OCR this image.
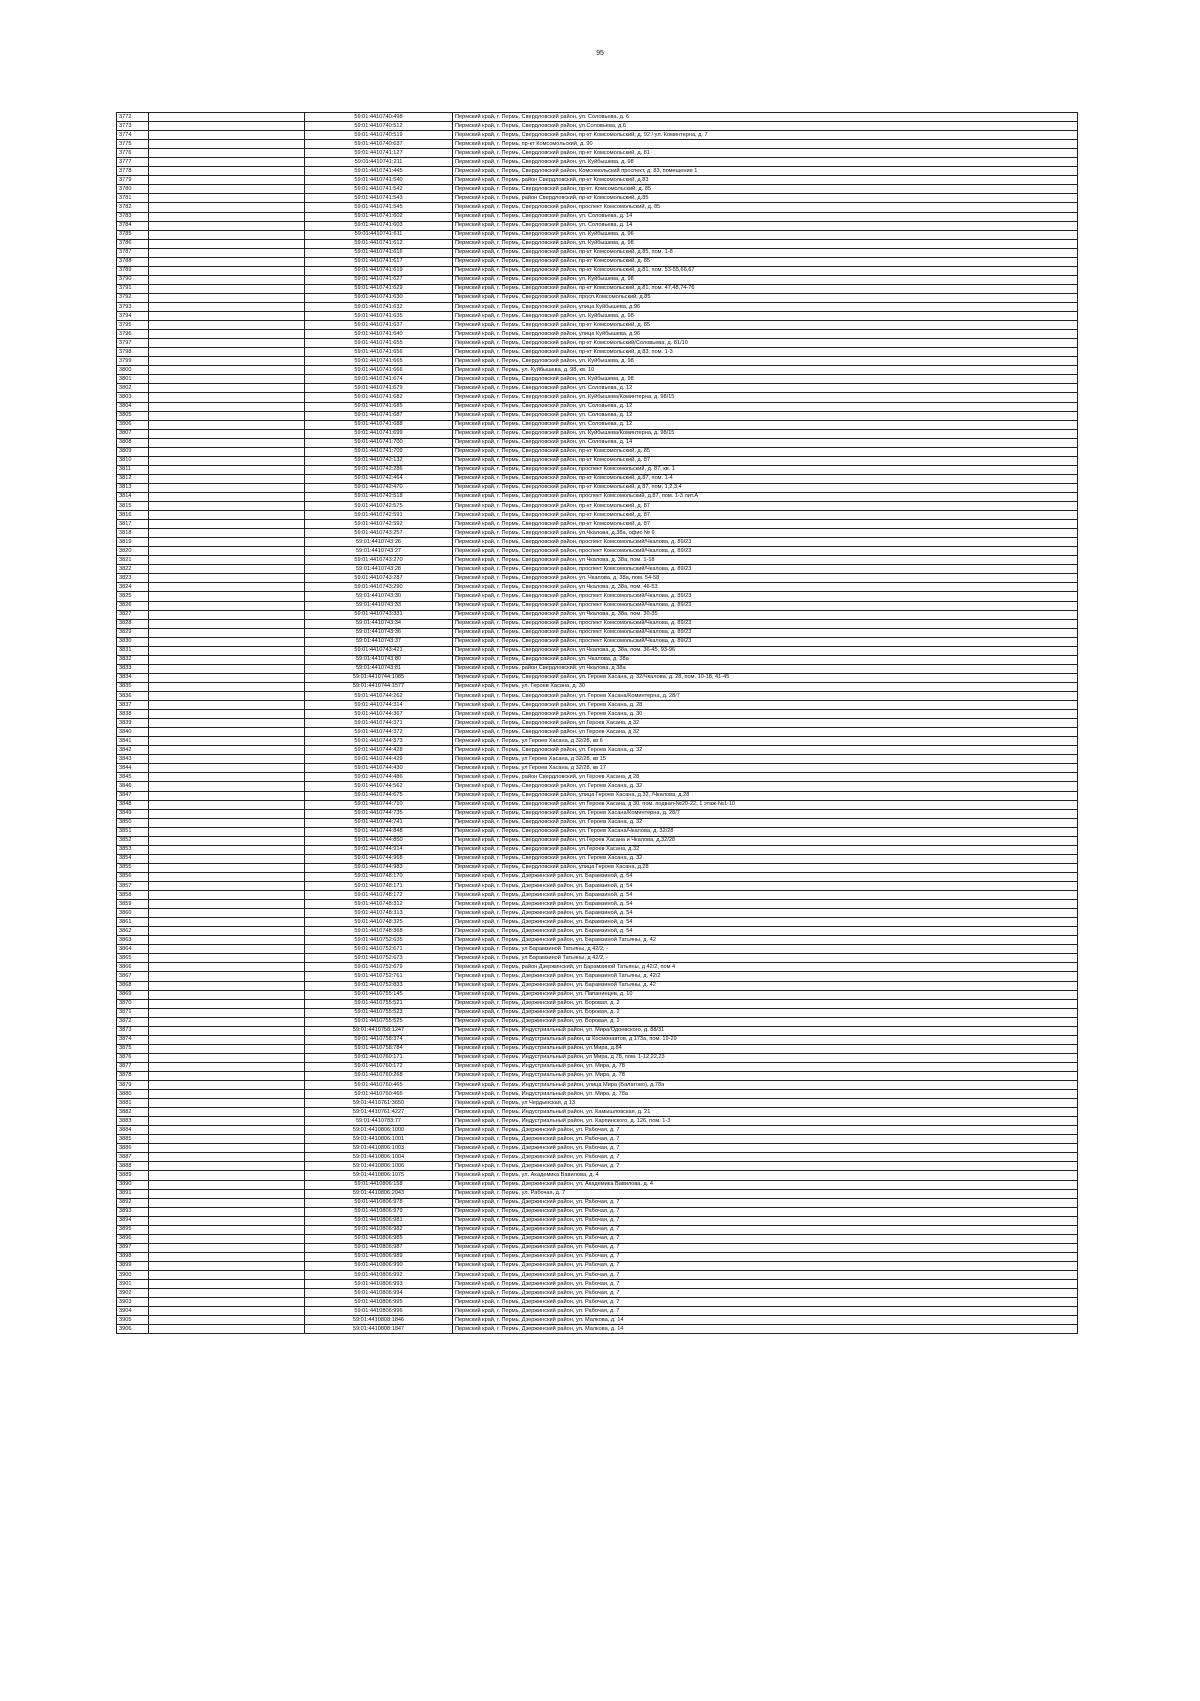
95
3772		59:01:4410740:498	Пермский край, г. Пермь, Свердловский район, ул. Соловьева, д. 6
3773		59:01:4410740:512	Пермский край, г. Пермь, Свердловский район, ул.Соловьева, д.6
3774		59:01:4410740:519	Пермский край, г. Пермь, Свердловский район, пр-кт Комсомольский, д. 92 / ул. Коминтерна, д. 7
3775		59:01:4410740:637	Пермский край, г. Пермь, пр-кт Комсомольский, д. 90
3776		59:01:4410741:127	Пермский край, г. Пермь, Свердловский район, пр-кт Комсомольский, д. 81
3777		59:01:4410741:211	Пермский край, г. Пермь, Свердловский район, ул. Куйбышева, д. 98
3778		59:01:4410741:445	Пермский край, г. Пермь, Свердловский район, Комсомольский проспект, д. 83, помещение 1
3779		59:01:4410741:540	Пермский край, г. Пермь, район Свердловский, пр-кт Комсомольский, д.83
3780		59:01:4410741:542	Пермский край, г. Пермь, Свердловский район, пр-кт. Комсомольский, д. 85
3781		59:01:4410741:543	Пермский край, г. Пермь, район Свердловский, пр-кт Комсомольский, д.85
3782		59:01:4410741:545	Пермский край, г. Пермь, Свердловский район, проспект Комсомольский, д. 85
3783		59:01:4410741:602	Пермский край, г. Пермь, Свердловский район, ул. Соловьева, д. 14
3784		59:01:4410741:603	Пермский край, г. Пермь, Свердловский район, ул. Соловьева, д. 14
3785		59:01:4410741:611	Пермский край, г. Пермь, Свердловский район, ул. Куйбышева, д. 96
3786		59:01:4410741:612	Пермский край, г. Пермь, Свердловский район, ул. Куйбышева, д. 98
3787		59:01:4410741:616	Пермский край, г. Пермь, Свердловский район, пр-кт Комсомольский, д.85, пом. 1-8
3788		59:01:4410741:617	Пермский край, г. Пермь, Свердловский район, пр-кт Комсомольский, д. 85
3789		59:01:4410741:619	Пермский край, г. Пермь, Свердловский район, пр-кт Комсомольский, д.81, пом. 53-55,66,67
3790		59:01:4410741:627	Пермский край, г. Пермь, Свердловский район, ул. Куйбышева, д. 98
3791		59:01:4410741:629	Пермский край, г. Пермь, Свердловский район, пр-кт Комсомольский, д.81, пом. 47,48,74-76
3792		59:01:4410741:630	Пермский край, г. Пермь, Свердловский район, просп.Комсомольский, д.85
3793		59:01:4410741:632	Пермский край, г. Пермь, Свердловский район, улица Куйбышева, д.96
3794		59:01:4410741:635	Пермский край, г. Пермь, Свердловский район, ул. Куйбышева, д. 98
3795		59:01:4410741:637	Пермский край, г. Пермь, Свердловский район, пр-кт Комсомольский, д. 85
3796		59:01:4410741:640	Пермский край, г. Пермь, Свердловский район, улица Куйбышева, д.96
3797		59:01:4410741:655	Пермский край, г. Пермь, Свердловский район, пр-кт Комсомольский/Соловьева, д. 81/10
3798		59:01:4410741:656	Пермский край, г. Пермь, Свердловский район, пр-кт Комсомольский, д 83, пом. 1-3
3799		59:01:4410741:665	Пермский край, г. Пермь, Свердловский район, ул. Куйбышева, д. 98
3800		59:01:4410741:666	Пермский край, г. Пермь, ул. Куйбышева, д. 98, кв. 10
3801		59:01:4410741:674	Пермский край, г. Пермь, Свердловский район, ул. Куйбышева, д. 98
3802		59:01:4410741:679	Пермский край, г. Пермь, Свердловский район, ул. Соловьева, д. 12
3803		59:01:4410741:682	Пермский край, г. Пермь, Свердловский район, ул. Куйбышева/Коминтерна, д. 98/15
3804		59:01:4410741:685	Пермский край, г. Пермь, Свердловский район, ул. Соловьева, д. 12
3805		59:01:4410741:687	Пермский край, г. Пермь, Свердловский район, ул. Соловьева, д. 12
3806		59:01:4410741:688	Пермский край, г. Пермь, Свердловский район, ул. Соловьева, д. 12
3807		59:01:4410741:699	Пермский край, г. Пермь, Свердловский район, ул. Куйбышева/Коминтерна, д. 98/15
3808		59:01:4410741:700	Пермский край, г. Пермь, Свердловский район, ул. Соловьева, д. 14
3809		59:01:4410741:709	Пермский край, г. Пермь, Свердловский район, пр-кт Комсомольский, д. 85
3810		59:01:4410742:132	Пермский край, г. Пермь, Свердловский район, пр-кт Комсомольский, д. 87
3811		59:01:4410742:286	Пермский край, г. Пермь, Свердловский район, проспект Комсомольский, д. 87, кв. 1
3812		59:01:4410742:464	Пермский край, г. Пермь, Свердловский район, пр-кт Комсомольский, д.87, пом. 1-4
3813		59:01:4410742:470	Пермский край, г. Пермь, Свердловский район, пр-кт Комсомольский, д 87, пом. 1,2,3,4
3814		59:01:4410742:518	Пермский край, г. Пермь, Свердловский район, проспект Комсомольский, д.87, пом. 1-3 лит.А
3815		59:01:4410742:575	Пермский край, г. Пермь, Свердловский район, пр-кт Комсомольский, д. 87
3816		59:01:4410742:591	Пермский край, г. Пермь, Свердловский район, пр-кт Комсомольский, д. 87
3817		59:01:4410742:592	Пермский край, г. Пермь, Свердловский район, пр-кт Комсомольский, д. 87
3818		59:01:4410743:257	Пермский край, г. Пермь, Свердловский район, ул.Чкалова, д.38а, офис № 9
3819		59:01:4410743:26	Пермский край, г. Пермь, Свердловский район, проспект Комсомольский/Чкалова, д. 89/23
3820		59:01:4410743:27	Пермский край, г. Пермь, Свердловский район, проспект Комсомольский/Чкалова, д. 89/23
3821		59:01:4410743:270	Пермский край, г. Пермь, Свердловский район, ул Чкалова, д. 38а, пом. 1-18
3822		59:01:4410743:28	Пермский край, г. Пермь, Свердловский район, проспект Комсомольский/Чкалова, д. 89/23
3823		59:01:4410743:287	Пермский край, г. Пермь, Свердловский район, ул. Чкалова, д. 38а, пом. 54-58
3824		59:01:4410743:290	Пермский край, г. Пермь, Свердловский район, ул Чкалова, д. 38а, пом. 46-53
3825		59:01:4410743:30	Пермский край, г. Пермь, Свердловский район, проспект Комсомольский/Чкалова, д. 89/23
3826		59:01:4410743:33	Пермский край, г. Пермь, Свердловский район, проспект Комсомольский/Чкалова, д. 89/23
3827		59:01:4410743:331	Пермский край, г. Пермь, Свердловский район, ул Чкалова, д. 38а, пом. 30-35
3828		59:01:4410743:34	Пермский край, г. Пермь, Свердловский район, проспект Комсомольский/Чкалова, д. 89/23
3829		59:01:4410743:36	Пермский край, г. Пермь, Свердловский район, проспект Комсомольский/Чкалова, д. 89/23
3830		59:01:4410743:37	Пермский край, г. Пермь, Свердловский район, проспект Комсомольский/Чкалова, д. 89/23
3831		59:01:4410743:421	Пермский край, г. Пермь, Свердловский район, ул Чкалова, д. 38а, пом. 36-45, 93-96
3832		59:01:4410743:80	Пермский край, г. Пермь, Свердловский район, ул. Чкалова, д. 38а
3833		59:01:4410743:81	Пермский край, г. Пермь, район Свердловский, ул Чкалова, д 38а
3834		59:01:4410744:1085	Пермский край, г. Пермь, Свердловский район, ул. Героев Хасана, д. 32/Чкалова, д. 28, пом. 10-18, 41-45
3835		59:01:4410744:1577	Пермский край, г. Пермь, ул. Героев Хасана, д. 30
3836		59:01:4410744:262	Пермский край, г. Пермь, Свердловский район, ул. Героев Хасана/Коминтерна, д. 28/7
3837		59:01:4410744:314	Пермский край, г. Пермь, Свердловский район, ул. Героев Хасана, д. 28
3838		59:01:4410744:367	Пермский край, г. Пермь, Свердловский район, ул. Героев Хасана, д. 30
3839		59:01:4410744:371	Пермский край, г. Пермь, Свердловский район, ул Героев Хасана, д 32
3840		59:01:4410744:372	Пермский край, г. Пермь, Свердловский район, ул Героев Хасана, д 32
3841		59:01:4410744:373	Пермский край, г. Пермь, ул Героев Хасана, д 32/28, кв 6
3842		59:01:4410744:428	Пермский край, г. Пермь, Свердловский район, ул. Героев Хасана, д. 32
3843		59:01:4410744:429	Пермский край, г. Пермь, ул Героев Хасана, д 32/28, кв 15
3844		59:01:4410744:430	Пермский край, г. Пермь, ул Героев Хасана, д 32/28, кв 17
3845		59:01:4410744:486	Пермский край, г. Пермь, район Свердловский, ул Героев Хасана, д 28
3846		59:01:4410744:562	Пермский край, г. Пермь, Свердловский район, ул. Героев Хасана, д. 32
3847		59:01:4410744:675	Пермский край, г. Пермь, Свердловский район, улица Героев Хасана, д.32, /Чкалова, д.28
3848		59:01:4410744:710	Пермский край, г. Пермь, Свердловский район, ул Героев Хасана, д 30, пом. подвал-№20-22, 1 этаж-№1-10
3849		59:01:4410744:735	Пермский край, г. Пермь, Свердловский район, ул. Героев Хасана/Коминтерна, д. 28/7
3850		59:01:4410744:741	Пермский край, г. Пермь, Свердловский район, ул. Героев Хасана, д. 32
3851		59:01:4410744:848	Пермский край, г. Пермь, Свердловский район, ул. Героев Хасана/Чкалова, д. 32/28
3852		59:01:4410744:850	Пермский край, г. Пермь, Свердловский район, ул.Героев Хасана и Чкалова, д.32/28
3853		59:01:4410744:914	Пермский край, г. Пермь, Свердловский район, ул.Героев Хасана, д.32
3854		59:01:4410744:968	Пермский край, г. Пермь, Свердловский район, ул. Героев Хасана, д. 32
3855		59:01:4410744:983	Пермский край, г. Пермь, Свердловский район, улица Героев Хасана, д.28
3856		59:01:4410748:170	Пермский край, г. Пермь, Дзержинский район, ул. Барамзиной, д. 54
3857		59:01:4410748:171	Пермский край, г. Пермь, Дзержинский район, ул. Барамзиной, д. 54
3858		59:01:4410748:172	Пермский край, г. Пермь, Дзержинский район, ул. Барамзиной, д. 54
3859		59:01:4410748:312	Пермский край, г. Пермь, Дзержинский район, ул. Барамзиной, д. 54
3860		59:01:4410748:313	Пермский край, г. Пермь, Дзержинский район, ул. Барамзиной, д. 54
3861		59:01:4410748:325	Пермский край, г. Пермь, Дзержинский район, ул. Барамзиной, д. 54
3862		59:01:4410748:368	Пермский край, г. Пермь, Дзержинский район, ул. Барамзиной, д. 54
3863		59:01:4410752:635	Пермский край, г. Пермь, Дзержинский район, ул. Барамзиной Татьяны, д. 42
3864		59:01:4410752:671	Пермский край, г. Пермь, ул Барамзиной Татьяны, д 42/2, -
3865		59:01:4410752:673	Пермский край, г. Пермь, ул Барамзиной Татьяны, д 42/2, -
3866		59:01:4410752:679	Пермский край, г. Пермь, район Дзержинский, ул Барамзиной Татьяны, д 42/2, пом 4
3867		59:01:4410752:761	Пермский край, г. Пермь, Дзержинский район, ул. Барамзиной Татьяны, д. 42/2
3868		59:01:4410752:833	Пермский край, г. Пермь, Дзержинский район, ул. Барамзиной Татьяны, д. 42
3869		59:01:4410755:145	Пермский край, г. Пермь, Дзержинский район, ул. Папанинцев, д. 10
3870		59:01:4410755:521	Пермский край, г. Пермь, Дзержинский район, ул. Боровая, д. 2
3871		59:01:4410755:523	Пермский край, г. Пермь, Дзержинский район, ул. Боровая, д. 2
3872		59:01:4410755:525	Пермский край, г. Пермь, Дзержинский район, ул. Боровая, д. 2
3873		59:01:4410758:1247	Пермский край, г. Пермь, Индустриальный район, ул. Мира/Одоевского, д. 88/31
3874		59:01:4410758:374	Пермский край, г. Пермь, Индустриальный район, ш Космонавтов, д 173а, пом. 19-29
3875		59:01:4410758:784	Пермский край, г. Пермь, Индустриальный район, ул.Мира, д.84
3876		59:01:4410760:171	Пермский край, г. Пермь, Индустриальный район, ул Мира, д 78, пом. 1-12,22,23
3877		59:01:4410760:172	Пермский край, г. Пермь, Индустриальный район, ул. Мира, д. 78
3878		59:01:4410760:268	Пермский край, г. Пермь, Индустриальный район, ул. Мира, д. 78
3879		59:01:4410760:465	Пермский край, г. Пермь, Индустриальный район, улица Мира (Балатово), д.78а
3880		59:01:4410760:466	Пермский край, г. Пермь, Индустриальный район, ул. Мира, д. 78а
3881		59:01:4410761:3650	Пермский край, г. Пермь, ул Чердынская, д 13
3882		59:01:4410761:4227	Пермский край, г. Пермь, Индустриальный район, ул. Камышловская, д. 21
3883		59:01:4410783:77	Пермский край, г. Пермь, Индустриальный район, ул. Карпинского, д. 126, пом. 1-3
3884		59:01:4410806:1000	Пермский край, г. Пермь, Дзержинский район, ул. Рабочая, д. 7
3885		59:01:4410806:1001	Пермский край, г. Пермь, Дзержинский район, ул. Рабочая, д. 7
3886		59:01:4410806:1003	Пермский край, г. Пермь, Дзержинский район, ул. Рабочая, д. 7
3887		59:01:4410806:1004	Пермский край, г. Пермь, Дзержинский район, ул. Рабочая, д. 7
3888		59:01:4410806:1006	Пермский край, г. Пермь, Дзержинский район, ул. Рабочая, д. 7
3889		59:01:4410806:1075	Пермский край, г. Пермь, ул. Академика Вавилова, д. 4
3890		59:01:4410806:158	Пермский край, г. Пермь, Дзержинский район, ул. Академика Вавилова, д. 4
3891		59:01:4410806:2043	Пермский край, г. Пермь, ул. Рабочая, д. 7
3892		59:01:4410806:978	Пермский край, г. Пермь, Дзержинский район, ул. Рабочая, д. 7
3893		59:01:4410806:979	Пермский край, г. Пермь, Дзержинский район, ул. Рабочая, д. 7
3894		59:01:4410806:981	Пермский край, г. Пермь, Дзержинский район, ул. Рабочая, д. 7
3895		59:01:4410806:982	Пермский край, г. Пермь, Дзержинский район, ул. Рабочая, д. 7
3896		59:01:4410806:985	Пермский край, г. Пермь, Дзержинский район, ул. Рабочая, д. 7
3897		59:01:4410806:987	Пермский край, г. Пермь, Дзержинский район, ул. Рабочая, д. 7
3898		59:01:4410806:989	Пермский край, г. Пермь, Дзержинский район, ул. Рабочая, д. 7
3899		59:01:4410806:990	Пермский край, г. Пермь, Дзержинский район, ул. Рабочая, д. 7
3900		59:01:4410806:992	Пермский край, г. Пермь, Дзержинский район, ул. Рабочая, д. 7
3901		59:01:4410806:993	Пермский край, г. Пермь, Дзержинский район, ул. Рабочая, д. 7
3902		59:01:4410806:994	Пермский край, г. Пермь, Дзержинский район, ул. Рабочая, д. 7
3903		59:01:4410806:995	Пермский край, г. Пермь, Дзержинский район, ул. Рабочая, д. 7
3904		59:01:4410806:996	Пермский край, г. Пермь, Дзержинский район, ул. Рабочая, д. 7
3905		59:01:4410808:1846	Пермский край, г. Пермь, Дзержинский район, ул. Малкова, д. 14
3906		59:01:4410808:1847	Пермский край, г. Пермь, Дзержинский район, ул. Малкова, д. 14
